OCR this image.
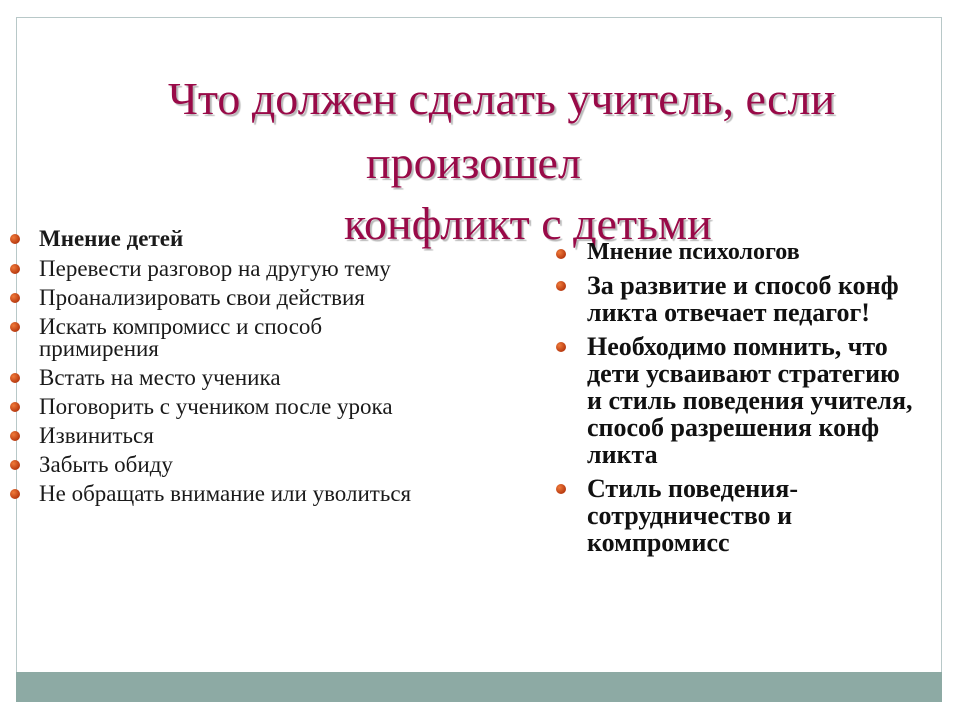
Что должен сделать учитель, если
произошел
конфликт с детьми
Мнение детей
Перевести разговор на другую тему
Проанализировать свои действия
Искать компромисс и способ примирения
Встать на место ученика
Поговорить с учеником после урока
Извиниться
Забыть обиду
Не обращать внимание или уволиться
Мнение психологов
За развитие и способ конф ликта отвечает педагог!
Необходимо помнить, что дети усваивают стратегию и стиль поведения учителя, способ разрешения конф ликта
Стиль поведения- сотрудничество и компромисс
